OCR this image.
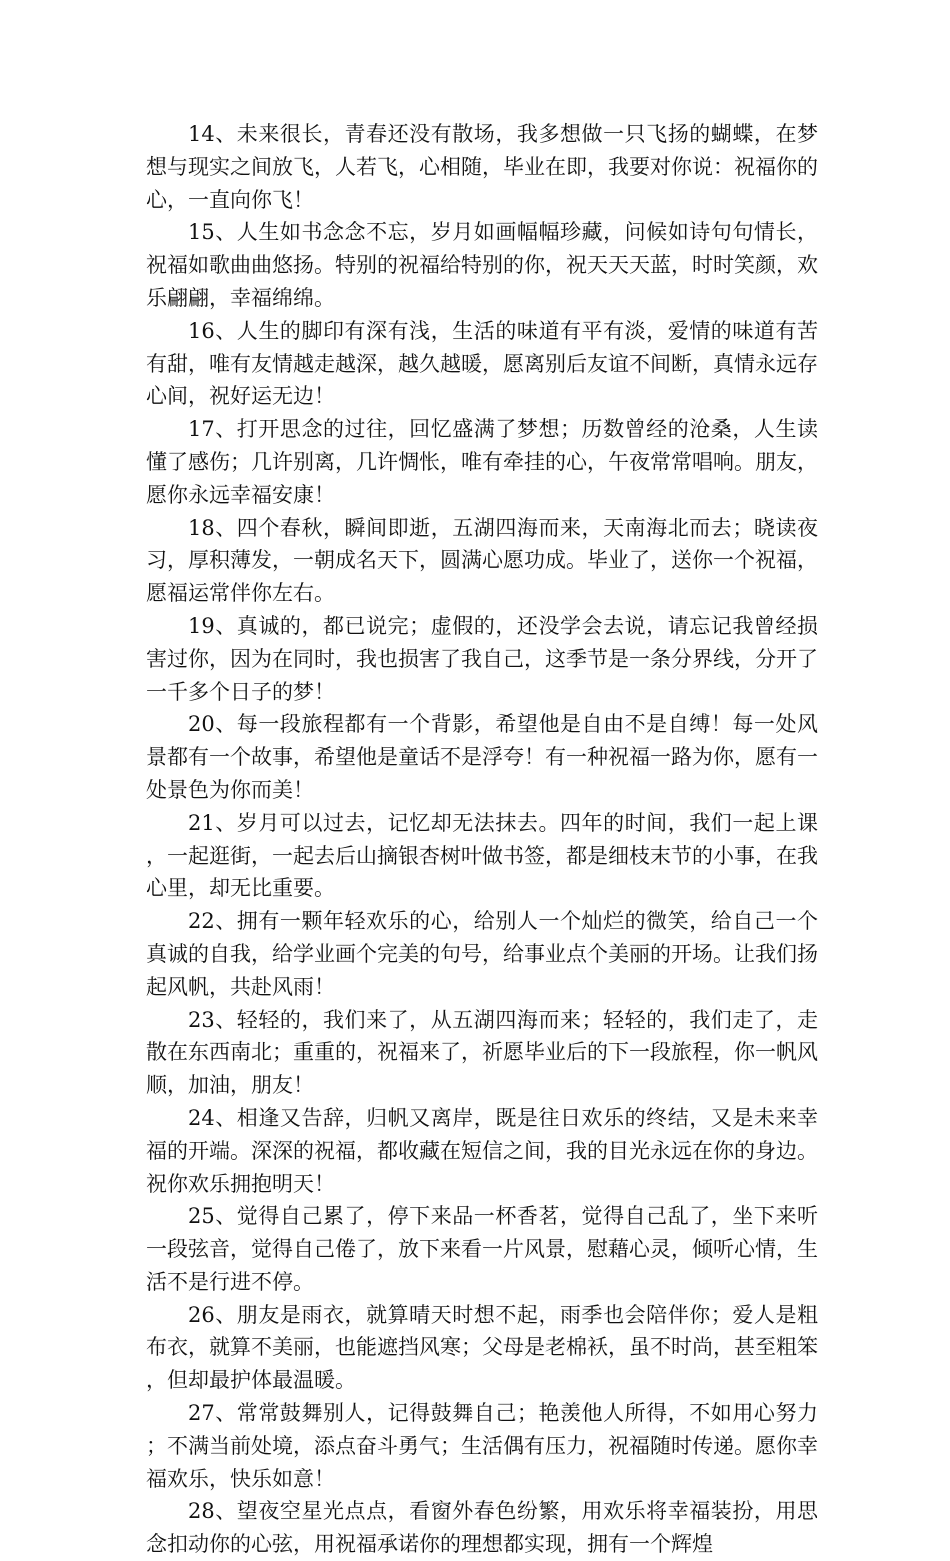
14、未来很长，青春还没有散场，我多想做一只飞扬的蝴蝶，在梦想与现实之间放飞，人若飞，心相随，毕业在即，我要对你说：祝福你的心，一直向你飞！

15、人生如书念念不忘，岁月如画幅幅珍藏，问候如诗句句情长，祝福如歌曲曲悠扬。特别的祝福给特别的你，祝天天天蓝，时时笑颜，欢乐翩翩，幸福绵绵。

16、人生的脚印有深有浅，生活的味道有平有淡，爱情的味道有苦有甜，唯有友情越走越深，越久越暖，愿离别后友谊不间断，真情永远存心间，祝好运无边！

17、打开思念的过往，回忆盛满了梦想；历数曾经的沧桑，人生读懂了感伤；几许别离，几许惆怅，唯有牵挂的心，午夜常常唱响。朋友，愿你永远幸福安康！

18、四个春秋，瞬间即逝，五湖四海而来，天南海北而去；晓读夜习，厚积薄发，一朝成名天下，圆满心愿功成。毕业了，送你一个祝福，愿福运常伴你左右。

19、真诚的，都已说完；虚假的，还没学会去说，请忘记我曾经损害过你，因为在同时，我也损害了我自己，这季节是一条分界线，分开了一千多个日子的梦！

20、每一段旅程都有一个背影，希望他是自由不是自缚！每一处风景都有一个故事，希望他是童话不是浮夸！有一种祝福一路为你，愿有一处景色为你而美！

21、岁月可以过去，记忆却无法抹去。四年的时间，我们一起上课，一起逛街，一起去后山摘银杏树叶做书签，都是细枝末节的小事，在我心里，却无比重要。

22、拥有一颗年轻欢乐的心，给别人一个灿烂的微笑，给自己一个真诚的自我，给学业画个完美的句号，给事业点个美丽的开场。让我们扬起风帆，共赴风雨！

23、轻轻的，我们来了，从五湖四海而来；轻轻的，我们走了，走散在东西南北；重重的，祝福来了，祈愿毕业后的下一段旅程，你一帆风顺，加油，朋友！

24、相逢又告辞，归帆又离岸，既是往日欢乐的终结，又是未来幸福的开端。深深的祝福，都收藏在短信之间，我的目光永远在你的身边。祝你欢乐拥抱明天！

25、觉得自己累了，停下来品一杯香茗，觉得自己乱了，坐下来听一段弦音，觉得自己倦了，放下来看一片风景，慰藉心灵，倾听心情，生活不是行进不停。

26、朋友是雨衣，就算晴天时想不起，雨季也会陪伴你；爱人是粗布衣，就算不美丽，也能遮挡风寒；父母是老棉袄，虽不时尚，甚至粗笨，但却最护体最温暖。

27、常常鼓舞别人，记得鼓舞自己；艳羡他人所得，不如用心努力；不满当前处境，添点奋斗勇气；生活偶有压力，祝福随时传递。愿你幸福欢乐，快乐如意！

28、望夜空星光点点，看窗外春色纷繁，用欢乐将幸福装扮，用思念扣动你的心弦，用祝福承诺你的理想都实现，拥有一个辉煌
